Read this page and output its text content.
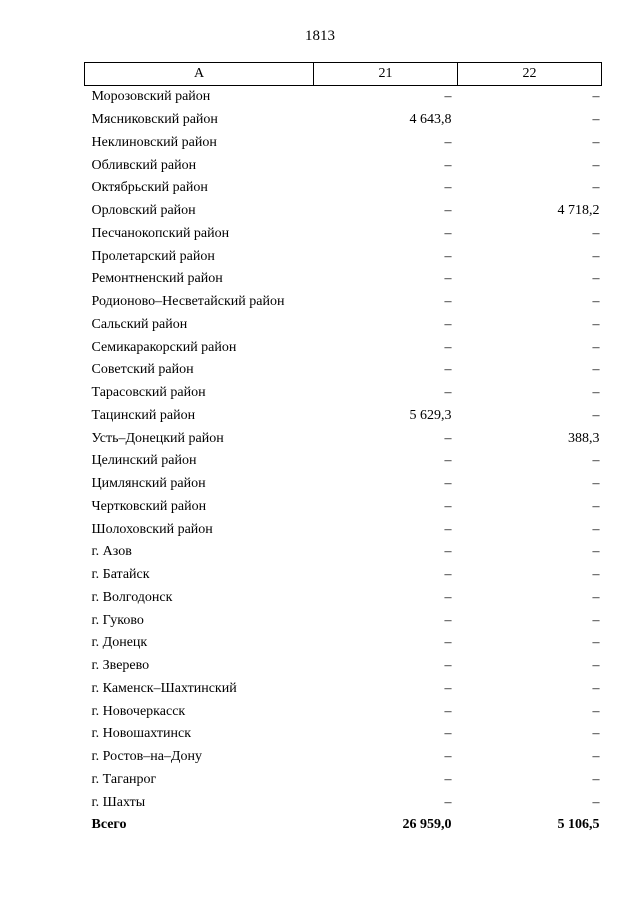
1813
А	21	22
Морозовский район	–	–
Мясниковский район	4 643,8	–
Неклиновский район	–	–
Обливский район	–	–
Октябрьский район	–	–
Орловский район	–	4 718,2
Песчанокопский район	–	–
Пролетарский район	–	–
Ремонтненский район	–	–
Родионово–Несветайский район	–	–
Сальский район	–	–
Семикаракорский район	–	–
Советский район	–	–
Тарасовский район	–	–
Тацинский район	5 629,3	–
Усть–Донецкий район	–	388,3
Целинский район	–	–
Цимлянский район	–	–
Чертковский район	–	–
Шолоховский район	–	–
г. Азов	–	–
г. Батайск	–	–
г. Волгодонск	–	–
г. Гуково	–	–
г. Донецк	–	–
г. Зверево	–	–
г. Каменск–Шахтинский	–	–
г. Новочеркасск	–	–
г. Новошахтинск	–	–
г. Ростов–на–Дону	–	–
г. Таганрог	–	–
г. Шахты	–	–
Всего	26 959,0	5 106,5
